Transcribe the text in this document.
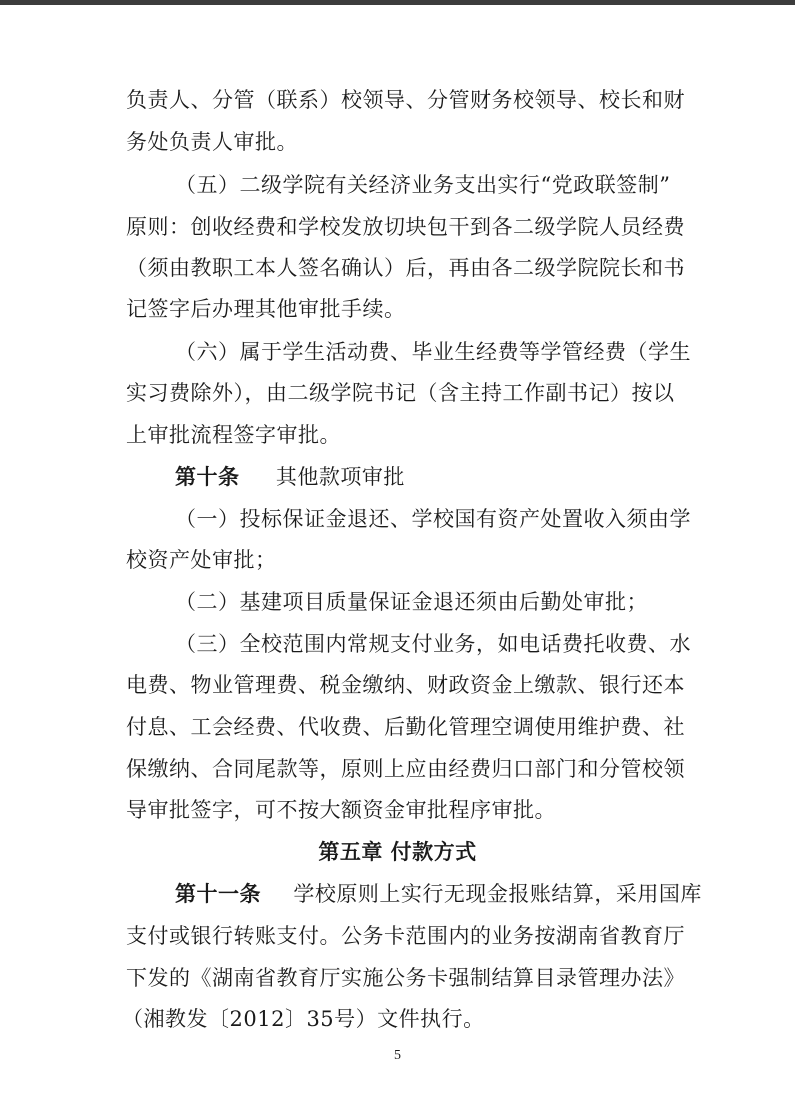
负责人、分管（联系）校领导、分管财务校领导、校长和财
务处负责人审批。
（五）二级学院有关经济业务支出实行“党政联签制”
原则：创收经费和学校发放切块包干到各二级学院人员经费
（须由教职工本人签名确认）后，再由各二级学院院长和书
记签字后办理其他审批手续。
（六）属于学生活动费、毕业生经费等学管经费（学生
实习费除外），由二级学院书记（含主持工作副书记）按以
上审批流程签字审批。
第十条 其他款项审批
（一）投标保证金退还、学校国有资产处置收入须由学
校资产处审批；
（二）基建项目质量保证金退还须由后勤处审批；
（三）全校范围内常规支付业务，如电话费托收费、水
电费、物业管理费、税金缴纳、财政资金上缴款、银行还本
付息、工会经费、代收费、后勤化管理空调使用维护费、社
保缴纳、合同尾款等，原则上应由经费归口部门和分管校领
导审批签字，可不按大额资金审批程序审批。
第五章 付款方式
第十一条 学校原则上实行无现金报账结算，采用国库
支付或银行转账支付。公务卡范围内的业务按湖南省教育厅
下发的《湖南省教育厅实施公务卡强制结算目录管理办法》
（湘教发〔2012〕35号）文件执行。
5
